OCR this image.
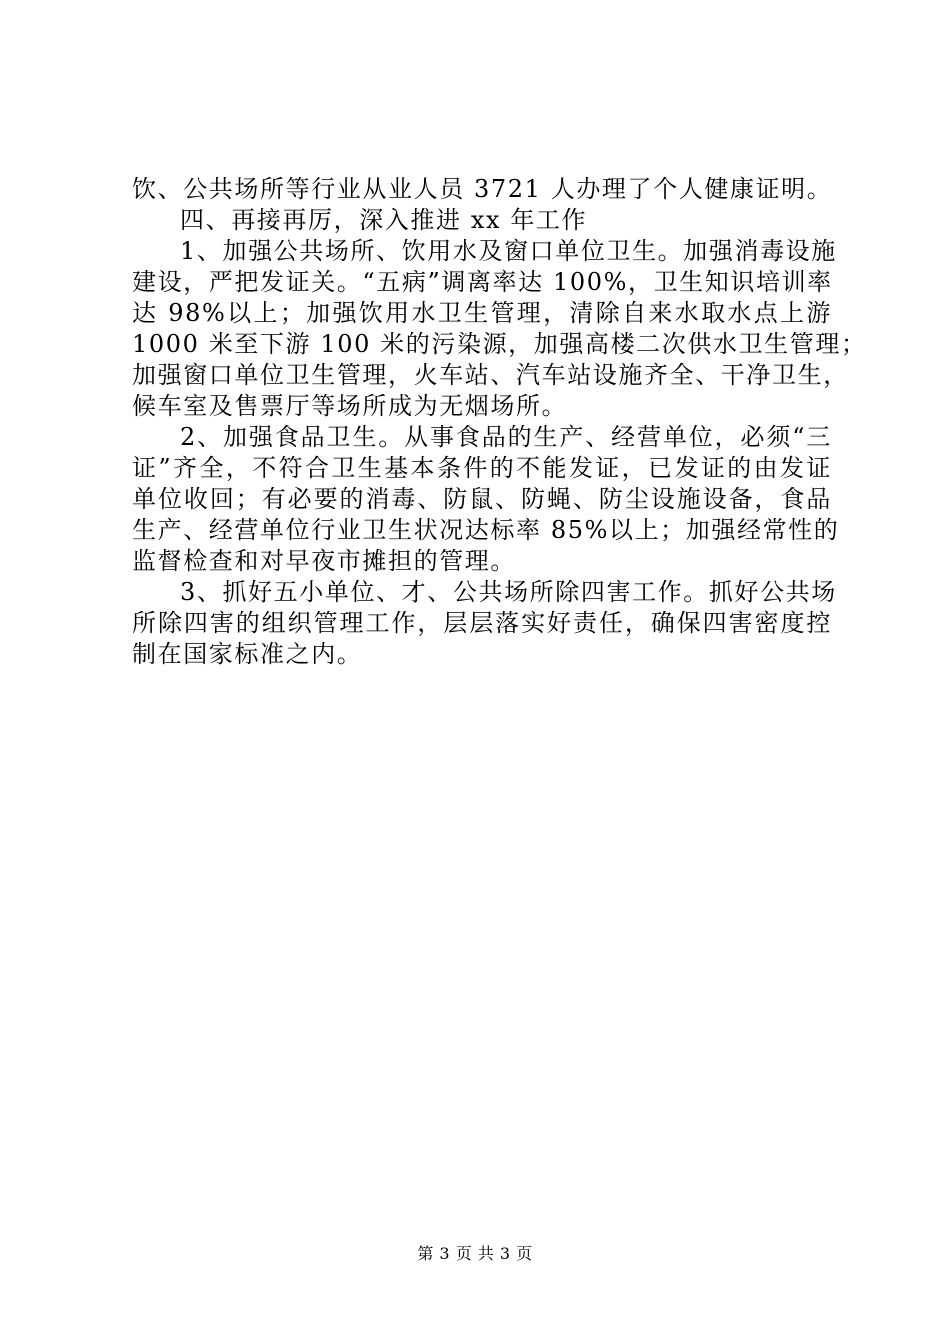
饮、公共场所等行业从业人员 3721 人办理了个人健康证明。
四、再接再厉，深入推进 xx 年工作
1、加强公共场所、饮用水及窗口单位卫生。加强消毒设施
建设，严把发证关。“五病”调离率达 100%，卫生知识培训率
达 98%以上；加强饮用水卫生管理，清除自来水取水点上游
1000 米至下游 100 米的污染源，加强高楼二次供水卫生管理；
加强窗口单位卫生管理，火车站、汽车站设施齐全、干净卫生，
候车室及售票厅等场所成为无烟场所。
2、加强食品卫生。从事食品的生产、经营单位，必须“三
证”齐全，不符合卫生基本条件的不能发证，已发证的由发证
单位收回；有必要的消毒、防鼠、防蝇、防尘设施设备，食品
生产、经营单位行业卫生状况达标率 85%以上；加强经常性的
监督检查和对早夜市摊担的管理。
3、抓好五小单位、才、公共场所除四害工作。抓好公共场
所除四害的组织管理工作，层层落实好责任，确保四害密度控
制在国家标准之内。
第 3 页 共 3 页
